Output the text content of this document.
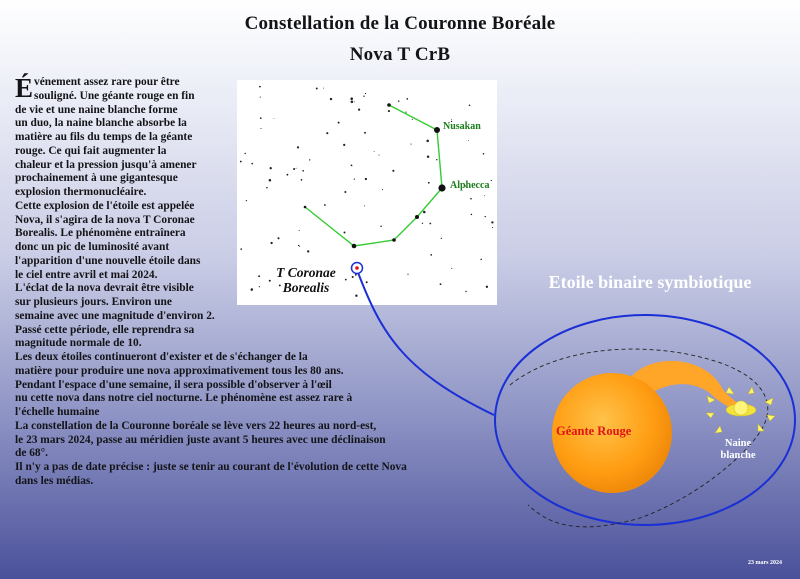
Constellation de la Couronne Boréale
Nova T CrB
É vénement assez rare pour être
souligné. Une géante rouge en fin
de vie et une naine blanche forme
un duo, la naine blanche absorbe la
matière au fils du temps de la géante
rouge. Ce qui fait augmenter la
chaleur et la pression jusqu'à amener
prochainement à une gigantesque
explosion thermonucléaire.

Cette explosion de l'étoile est appelée
Nova, il s'agira de la nova T Coronae
Borealis. Le phénomène entraînera
donc un pic de luminosité avant
l'apparition d'une nouvelle étoile dans
le ciel entre avril et mai 2024.

L'éclat de la nova devrait être visible
sur plusieurs jours. Environ une
semaine avec une magnitude d'environ 2.
Passé cette période, elle reprendra sa
magnitude normale de 10.

Les deux étoiles continueront d'exister et de s'échanger de la
matière pour produire une nova approximativement tous les 80 ans.
Pendant l'espace d'une semaine, il sera possible d'observer à l'œil
nu cette nova dans notre ciel nocturne. Le phénomène est assez rare à
l'échelle humaine

La constellation de la Couronne boréale se lève vers 22 heures au nord-est,
le 23 mars 2024, passe au méridien juste avant 5 heures avec une déclinaison
de 68°.

Il n'y a pas de date précise : juste se tenir au courant de l'évolution de cette Nova
dans les médias.

Nusakan
Alphecca
T Coronae
Borealis	Etoile binaire symbiotique
Géante Rouge
Naine
blanche
23 mars 2024
